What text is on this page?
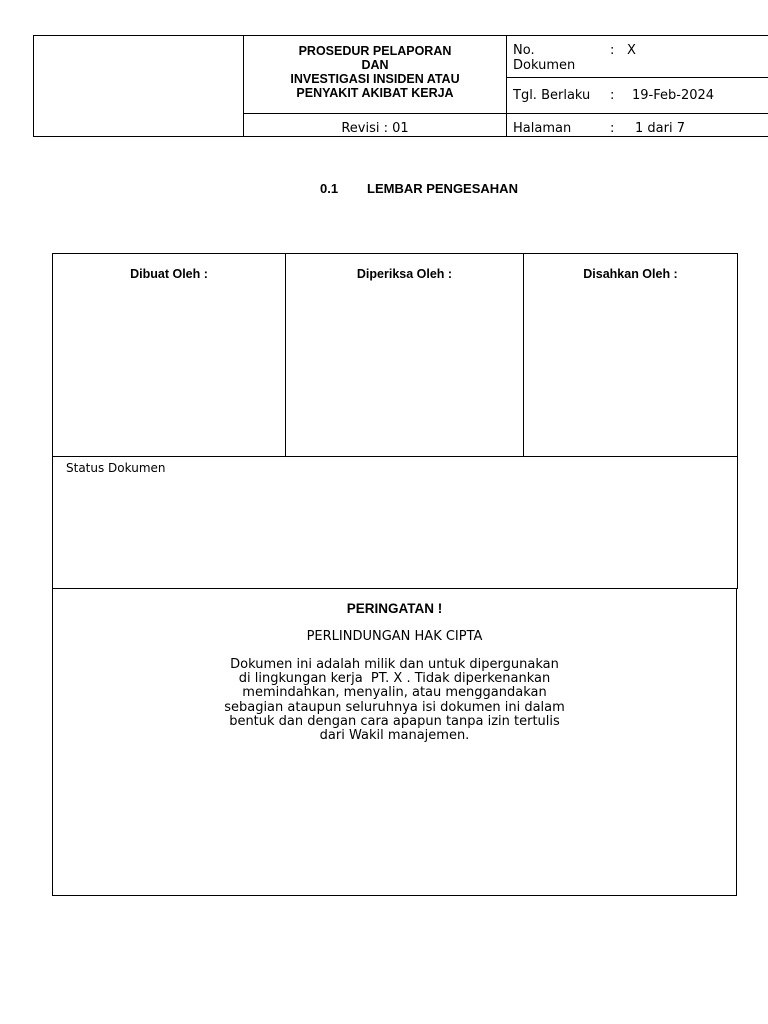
PROSEDUR PELAPORAN
DAN
INVESTIGASI INSIDEN ATAU
PENYAKIT AKIBAT KERJA
Revisi : 01
No.
Dokumen
: X
Tgl. Berlaku : 19-Feb-2024
Halaman	: 1 dari 7
0.1 LEMBAR PENGESAHAN
Dibuat Oleh :	Diperiksa Oleh :	Disahkan Oleh :
Status Dokumen
PERINGATAN !
PERLINDUNGAN HAK CIPTA
Dokumen ini adalah milik dan untuk dipergunakan
di lingkungan kerja  PT. X . Tidak diperkenankan
memindahkan, menyalin, atau menggandakan
sebagian ataupun seluruhnya isi dokumen ini dalam
bentuk dan dengan cara apapun tanpa izin tertulis
dari Wakil manajemen.
